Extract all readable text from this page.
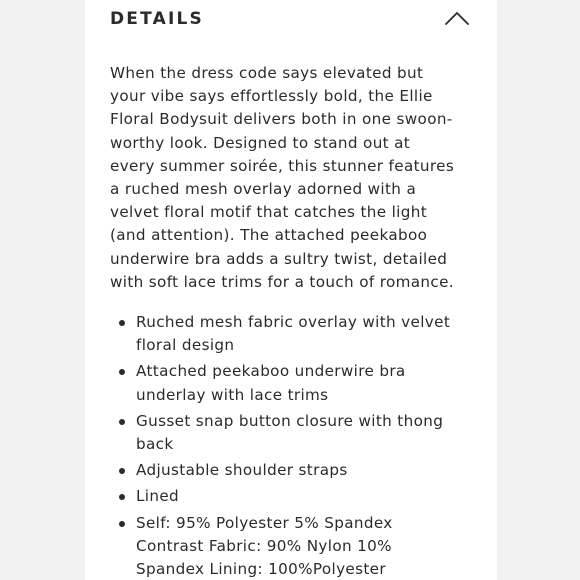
DETAILS

When the dress code says elevated but your vibe says effortlessly bold, the Ellie Floral Bodysuit delivers both in one swoon-worthy look. Designed to stand out at every summer soirée, this stunner features a ruched mesh overlay adorned with a velvet floral motif that catches the light (and attention). The attached peekaboo underwire bra adds a sultry twist, detailed with soft lace trims for a touch of romance.

Ruched mesh fabric overlay with velvet floral design
Attached peekaboo underwire bra underlay with lace trims
Gusset snap button closure with thong back
Adjustable shoulder straps
Lined
Self: 95% Polyester 5% Spandex Contrast Fabric: 90% Nylon 10% Spandex Lining: 100%Polyester
